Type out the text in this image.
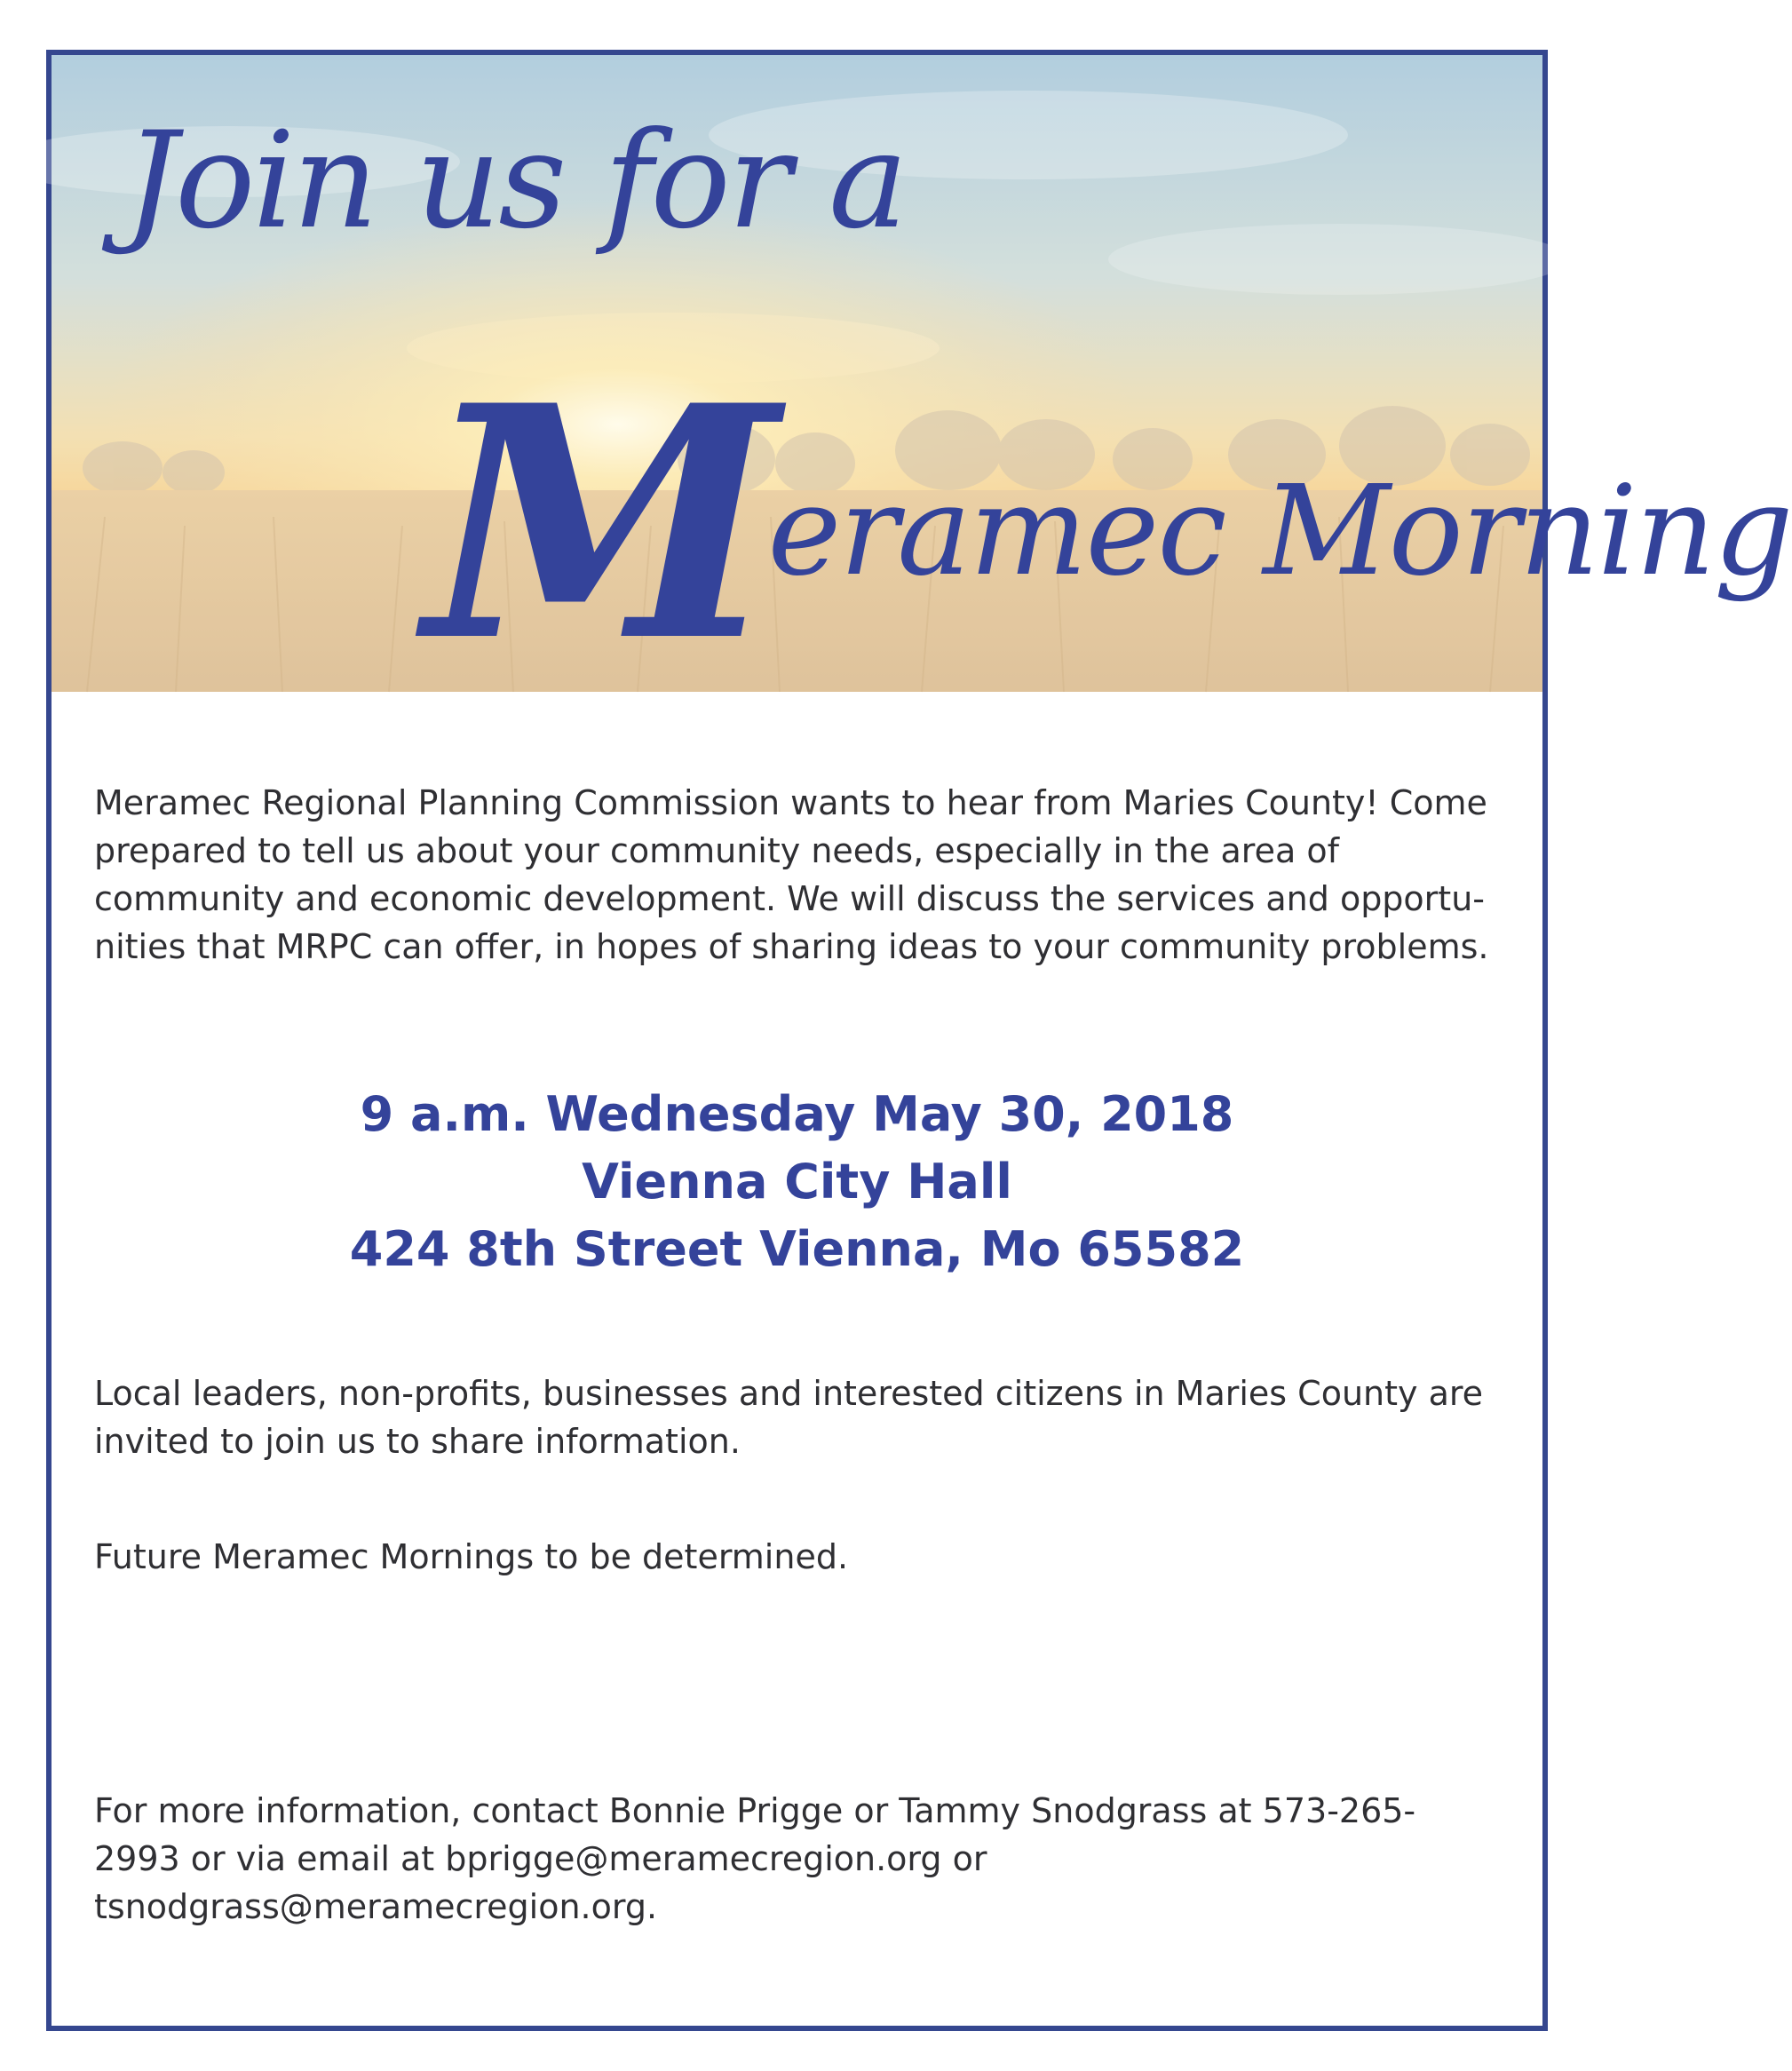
Join us for a
Meramec Morning
Meramec Regional Planning Commission wants to hear from Maries County! Come prepared to tell us about your community needs, especially in the area of community and economic development. We will discuss the services and opportu-nities that MRPC can offer, in hopes of sharing ideas to your community problems.
9 a.m. Wednesday May 30, 2018
Vienna City Hall
424 8th Street Vienna, Mo 65582
Local leaders, non-profits, businesses and interested citizens in Maries County are invited to join us to share information.
Future Meramec Mornings to be determined.
For more information, contact Bonnie Prigge or Tammy Snodgrass at 573-265-2993 or via email at bprigge@meramecregion.org or tsnodgrass@meramecregion.org.
